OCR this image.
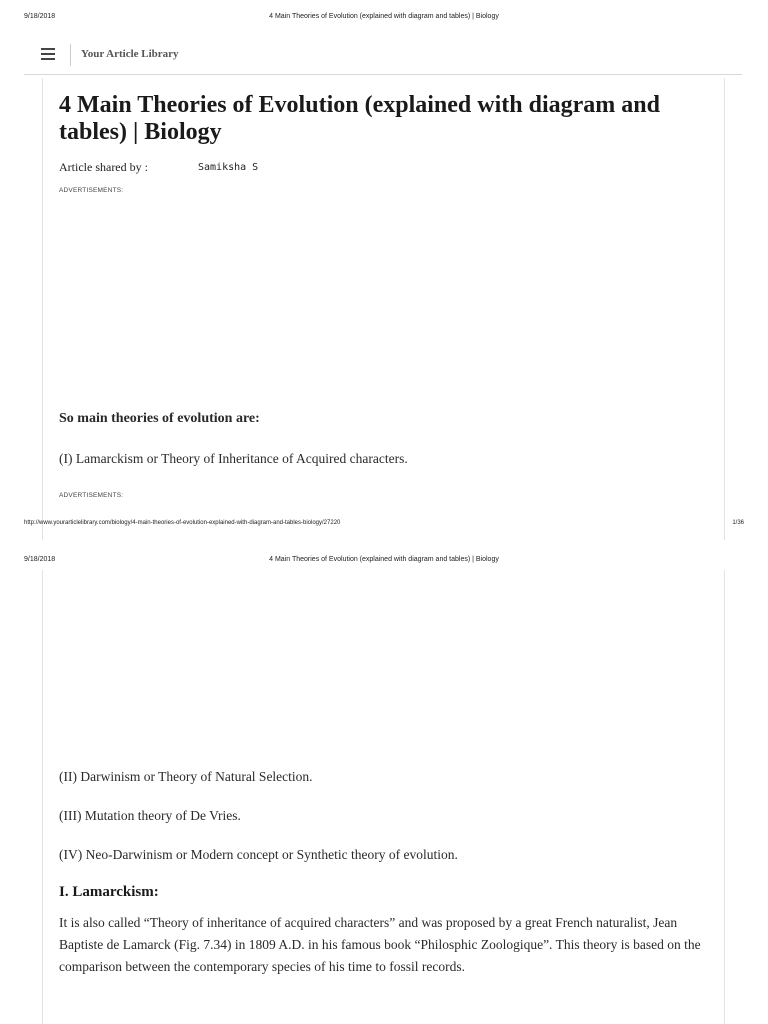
9/18/2018	4 Main Theories of Evolution (explained with diagram and tables) | Biology
Your Article Library
4 Main Theories of Evolution (explained with diagram and tables) | Biology
Article shared by :	Samiksha S
ADVERTISEMENTS:

So main theories of evolution are:

(I) Lamarckism or Theory of Inheritance of Acquired characters.

ADVERTISEMENTS:
http://www.yourarticlelibrary.com/biology/4-main-theories-of-evolution-explained-with-diagram-and-tables-biology/27220	1/36
9/18/2018	4 Main Theories of Evolution (explained with diagram and tables) | Biology

(II) Darwinism or Theory of Natural Selection.

(III) Mutation theory of De Vries.

(IV) Neo-Darwinism or Modern concept or Synthetic theory of evolution.

I. Lamarckism:

It is also called “Theory of inheritance of acquired characters” and was proposed by a great French naturalist, Jean Baptiste de Lamarck (Fig. 7.34) in 1809 A.D. in his famous book “Philosphic Zoologique”. This theory is based on the comparison between the contemporary species of his time to fossil records.
